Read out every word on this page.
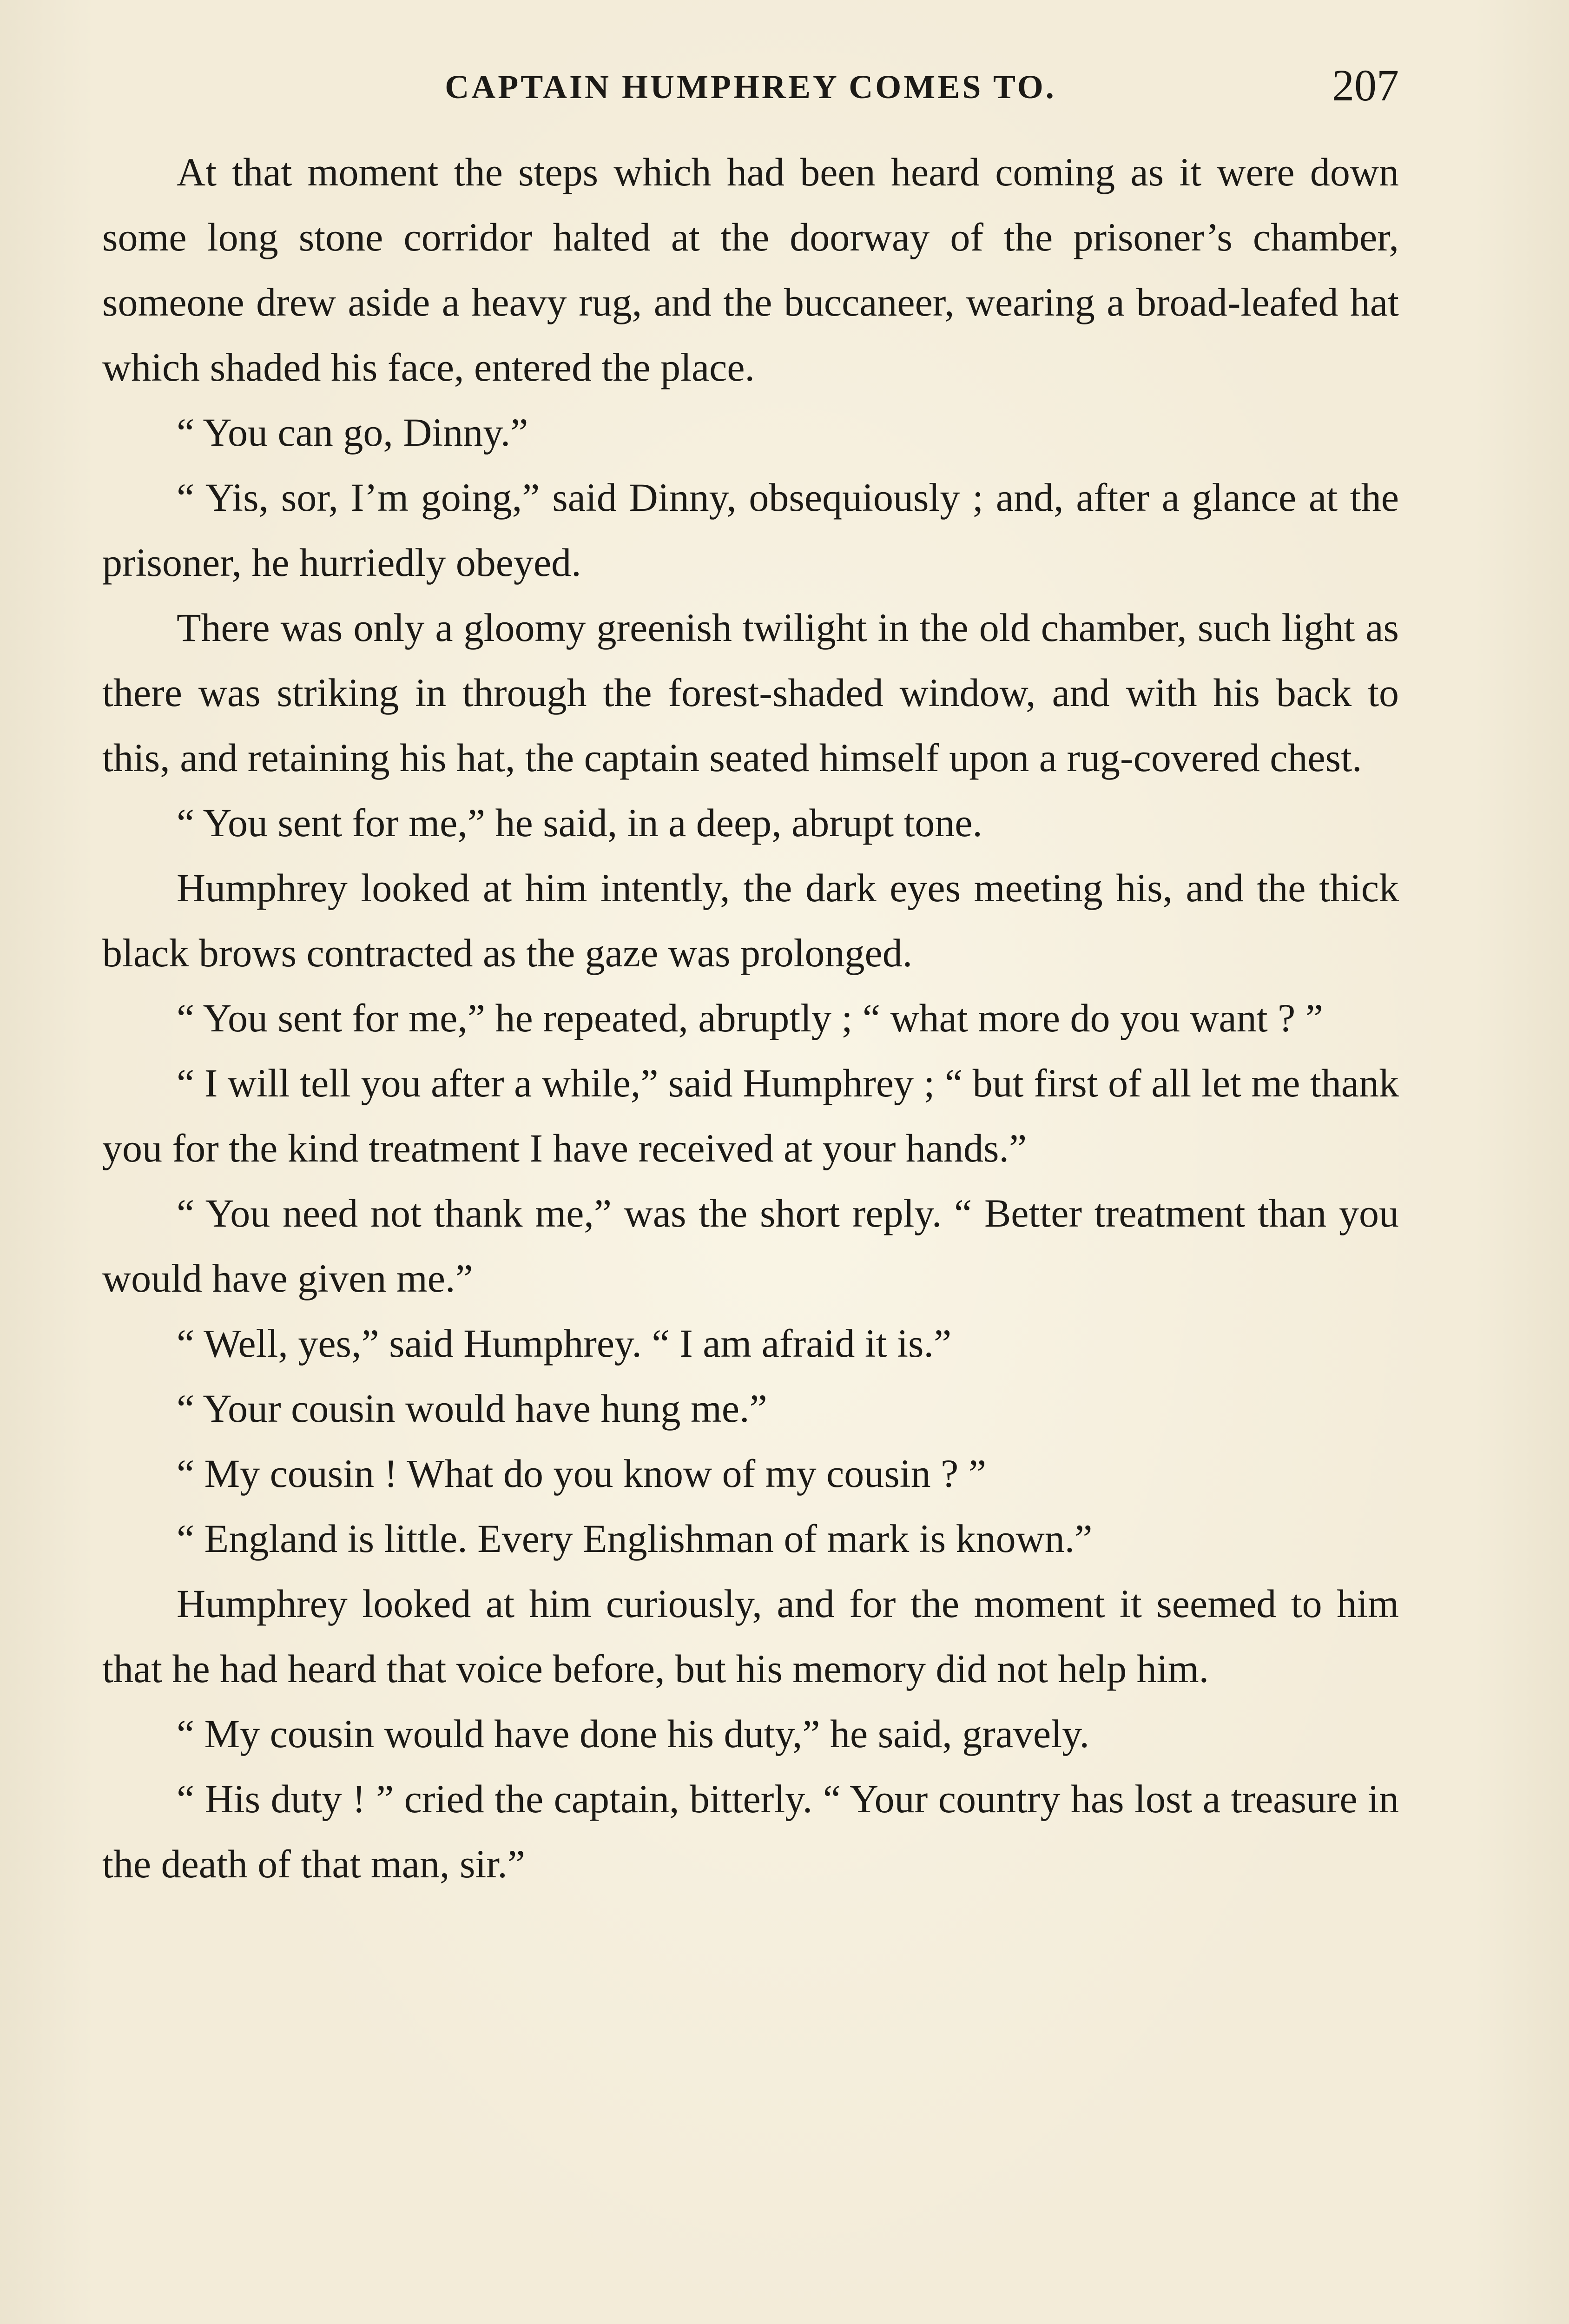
CAPTAIN HUMPHREY COMES TO.	207

At that moment the steps which had been heard coming as it were down some long stone corridor halted at the doorway of the prisoner’s chamber, someone drew aside a heavy rug, and the buccaneer, wearing a broad-leafed hat which shaded his face, entered the place.

“ You can go, Dinny.”

“ Yis, sor, I’m going,” said Dinny, obsequiously ; and, after a glance at the prisoner, he hurriedly obeyed.

There was only a gloomy greenish twilight in the old chamber, such light as there was striking in through the forest-shaded window, and with his back to this, and retaining his hat, the captain seated himself upon a rug-covered chest.

“ You sent for me,” he said, in a deep, abrupt tone.

Humphrey looked at him intently, the dark eyes meeting his, and the thick black brows contracted as the gaze was prolonged.

“ You sent for me,” he repeated, abruptly ; “ what more do you want ? ”

“ I will tell you after a while,” said Humphrey ; “ but first of all let me thank you for the kind treatment I have received at your hands.”

“ You need not thank me,” was the short reply. “ Better treatment than you would have given me.”

“ Well, yes,” said Humphrey. “ I am afraid it is.”

“ Your cousin would have hung me.”

“ My cousin ! What do you know of my cousin ? ”

“ England is little. Every Englishman of mark is known.”

Humphrey looked at him curiously, and for the moment it seemed to him that he had heard that voice before, but his memory did not help him.

“ My cousin would have done his duty,” he said, gravely.

“ His duty ! ” cried the captain, bitterly. “ Your country has lost a treasure in the death of that man, sir.”
